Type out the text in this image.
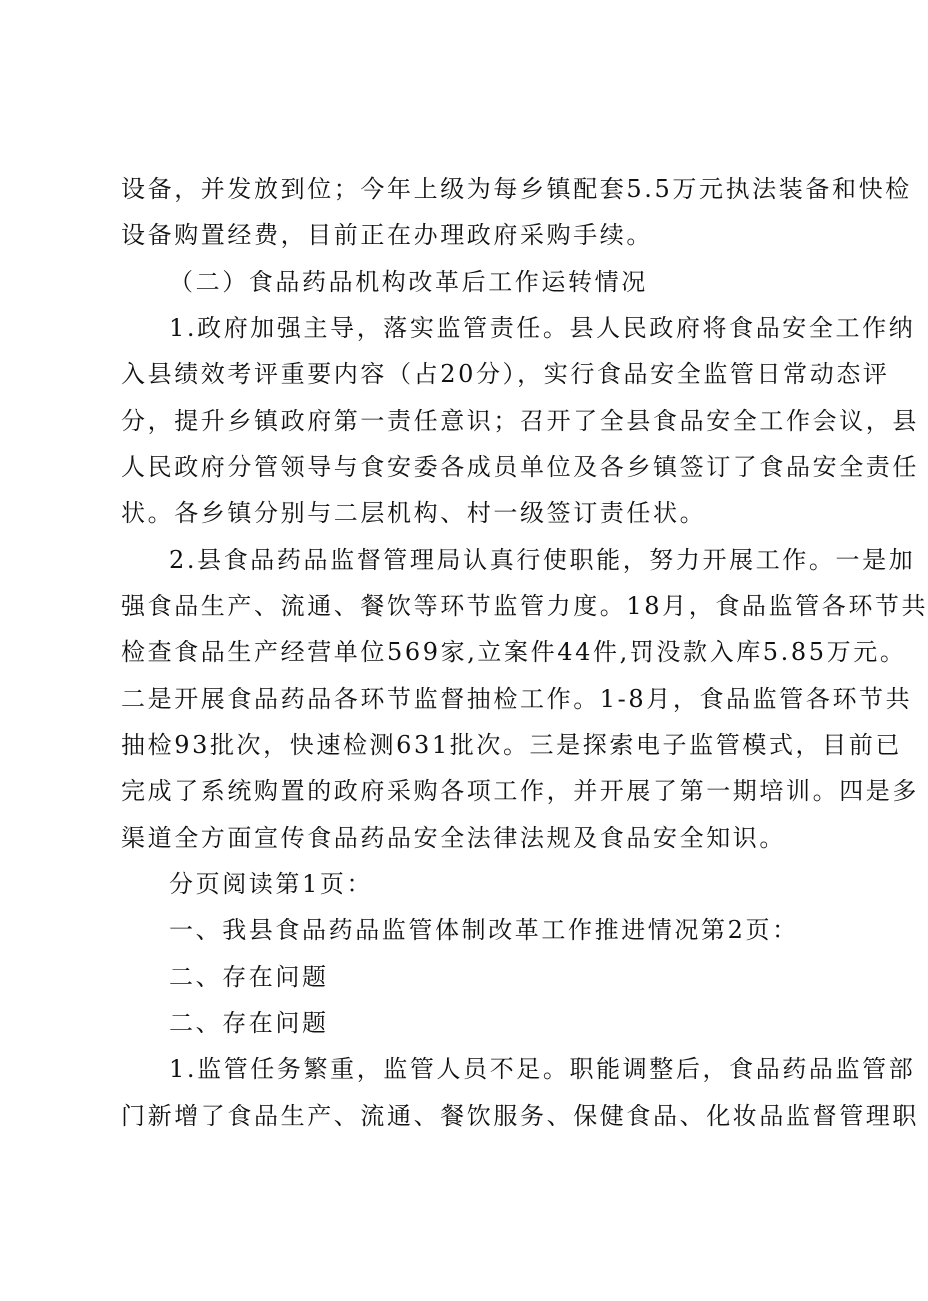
设备，并发放到位；今年上级为每乡镇配套5.5万元执法装备和快检
设备购置经费，目前正在办理政府采购手续。
（二）食品药品机构改革后工作运转情况
1.政府加强主导，落实监管责任。县人民政府将食品安全工作纳
入县绩效考评重要内容（占20分），实行食品安全监管日常动态评
分，提升乡镇政府第一责任意识；召开了全县食品安全工作会议，县
人民政府分管领导与食安委各成员单位及各乡镇签订了食品安全责任
状。各乡镇分别与二层机构、村一级签订责任状。
2.县食品药品监督管理局认真行使职能，努力开展工作。一是加
强食品生产、流通、餐饮等环节监管力度。18月，食品监管各环节共
检查食品生产经营单位569家,立案件44件,罚没款入库5.85万元。
二是开展食品药品各环节监督抽检工作。1-8月，食品监管各环节共
抽检93批次，快速检测631批次。三是探索电子监管模式，目前已
完成了系统购置的政府采购各项工作，并开展了第一期培训。四是多
渠道全方面宣传食品药品安全法律法规及食品安全知识。
分页阅读第1页：
一、我县食品药品监管体制改革工作推进情况第2页：
二、存在问题
二、存在问题
1.监管任务繁重，监管人员不足。职能调整后，食品药品监管部
门新增了食品生产、流通、餐饮服务、保健食品、化妆品监督管理职
